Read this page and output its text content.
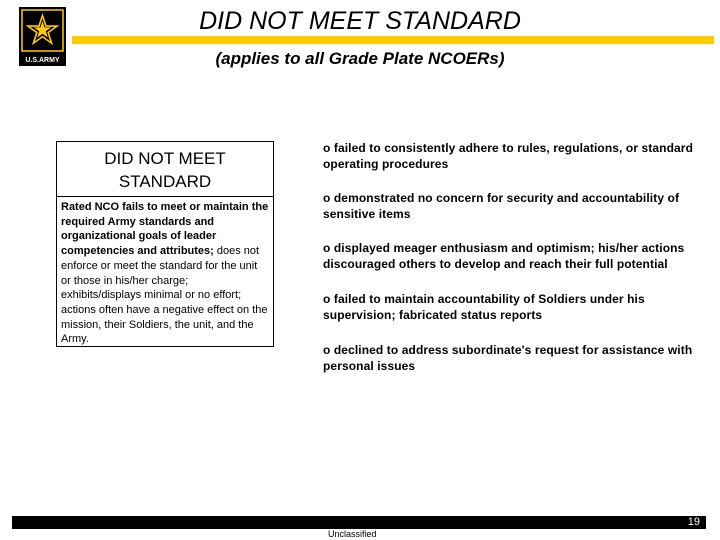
U.S.ARMY
DID NOT MEET STANDARD
(applies to all Grade Plate NCOERs)
DID NOT MEET
STANDARD
Rated NCO fails to meet or maintain the required Army standards and organizational goals of leader competencies and attributes; does not enforce or meet the standard for the unit or those in his/her charge; exhibits/displays minimal or no effort; actions often have a negative effect on the mission, their Soldiers, the unit, and the Army.
o failed to consistently adhere to rules, regulations, or standard operating procedures
o demonstrated no concern for security and accountability of sensitive items
o displayed meager enthusiasm and optimism; his/her actions discouraged others to develop and reach their full potential
o failed to maintain accountability of Soldiers under his supervision; fabricated status reports
o declined to address subordinate's request for assistance with personal issues
19
Unclassified
